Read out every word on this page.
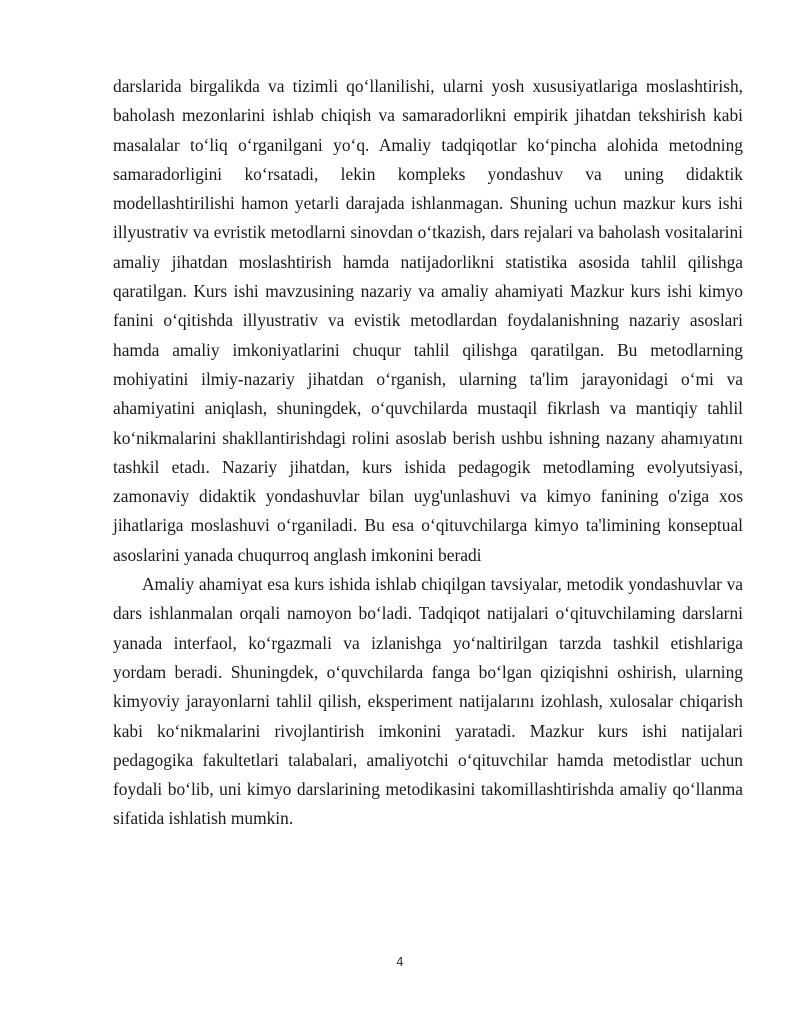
darslarida birgalikda va tizimli qo‘llanilishi, ularni yosh xususiyatlariga moslashtirish, baholash mezonlarini ishlab chiqish va samaradorlikni empirik jihatdan tekshirish kabi masalalar to‘liq o‘rganilgani yo‘q. Amaliy tadqiqotlar ko‘pincha alohida metodning samaradorligini ko‘rsatadi, lekin kompleks yondashuv va uning didaktik modellashtirilishi hamon yetarli darajada ishlanmagan. Shuning uchun mazkur kurs ishi illyustrativ va evristik metodlarni sinovdan o‘tkazish, dars rejalari va baholash vositalarini amaliy jihatdan moslashtirish hamda natijadorlikni statistika asosida tahlil qilishga qaratilgan. Kurs ishi mavzusining nazariy va amaliy ahamiyati Mazkur kurs ishi kimyo fanini o‘qitishda illyustrativ va evistik metodlardan foydalanishning nazariy asoslari hamda amaliy imkoniyatlarini chuqur tahlil qilishga qaratilgan. Bu metodlarning mohiyatini ilmiy-nazariy jihatdan o‘rganish, ularning ta'lim jarayonidagi o‘mi va ahamiyatini aniqlash, shuningdek, o‘quvchilarda mustaqil fikrlash va mantiqiy tahlil ko‘nikmalarini shakllantirishdagi rolini asoslab berish ushbu ishning nazany ahamıyatını tashkil etadı. Nazariy jihatdan, kurs ishida pedagogik metodlaming evolyutsiyasi, zamonaviy didaktik yondashuvlar bilan uyg'unlashuvi va kimyo fanining o'ziga xos jihatlariga moslashuvi o‘rganiladi. Bu esa o‘qituvchilarga kimyo ta'limining konseptual asoslarini yanada chuqurroq anglash imkonini beradi

Amaliy ahamiyat esa kurs ishida ishlab chiqilgan tavsiyalar, metodik yondashuvlar va dars ishlanmalan orqali namoyon bo‘ladi. Tadqiqot natijalari o‘qituvchilaming darslarni yanada interfaol, ko‘rgazmali va izlanishga yo‘naltirilgan tarzda tashkil etishlariga yordam beradi. Shuningdek, o‘quvchilarda fanga bo‘lgan qiziqishni oshirish, ularning kimyoviy jarayonlarni tahlil qilish, eksperiment natijalarını izohlash, xulosalar chiqarish kabi ko‘nikmalarini rivojlantirish imkonini yaratadi. Mazkur kurs ishi natijalari pedagogika fakultetlari talabalari, amaliyotchi o‘qituvchilar hamda metodistlar uchun foydali bo‘lib, uni kimyo darslarining metodikasini takomillashtirishda amaliy qo‘llanma sifatida ishlatish mumkin.

4
